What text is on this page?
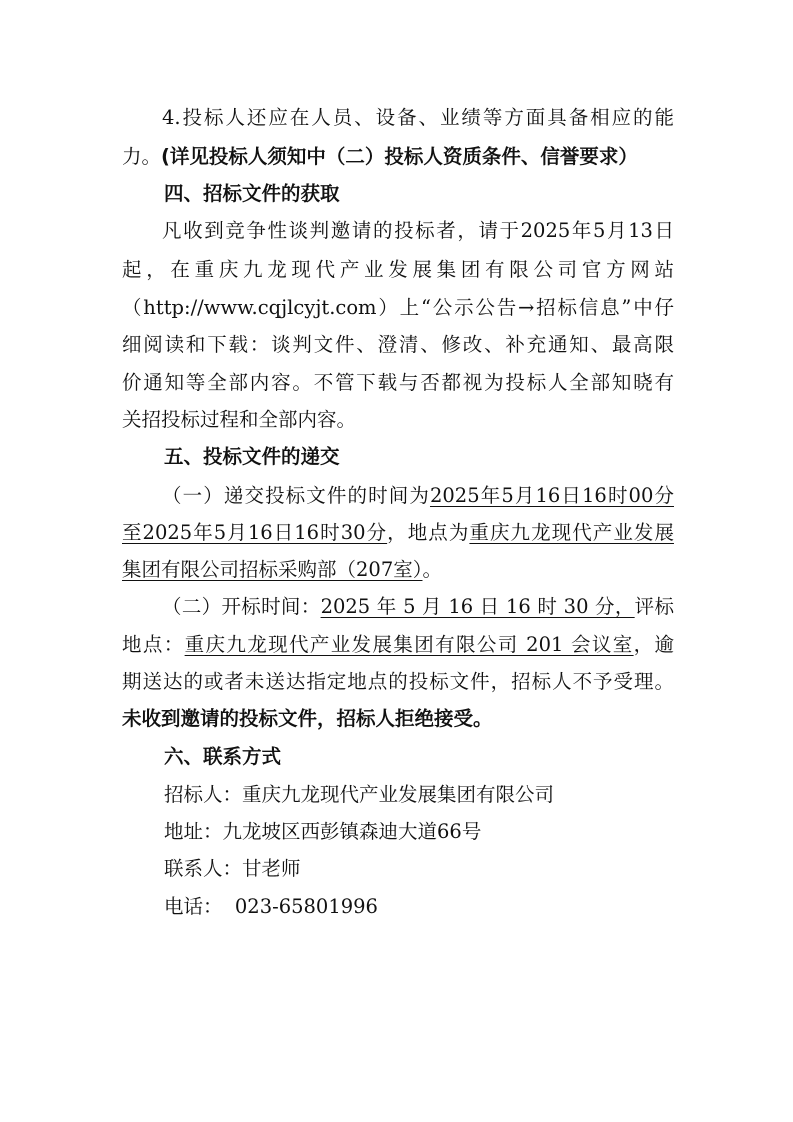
4.投标人还应在人员、设备、业绩等方面具备相应的能
力。(详见投标人须知中（二）投标人资质条件、信誉要求）
四、招标文件的获取
凡收到竞争性谈判邀请的投标者，请于2025年5月13日
起，在重庆九龙现代产业发展集团有限公司官方网站
（http://www.cqjlcyjt.com）上“公示公告→招标信息”中仔
细阅读和下载：谈判文件、澄清、修改、补充通知、最高限
价通知等全部内容。不管下载与否都视为投标人全部知晓有
关招投标过程和全部内容。
五、投标文件的递交
（一）递交投标文件的时间为2025年5月16日16时00分
至2025年5月16日16时30分，地点为重庆九龙现代产业发展
集团有限公司招标采购部（207室）。
（二）开标时间：2025 年 5 月 16 日 16 时 30 分，评标
地点：重庆九龙现代产业发展集团有限公司 201 会议室，逾
期送达的或者未送达指定地点的投标文件，招标人不予受理。
未收到邀请的投标文件，招标人拒绝接受。
六、联系方式
招标人：重庆九龙现代产业发展集团有限公司
地址：九龙坡区西彭镇森迪大道66号
联系人：甘老师
电话：  023-65801996
